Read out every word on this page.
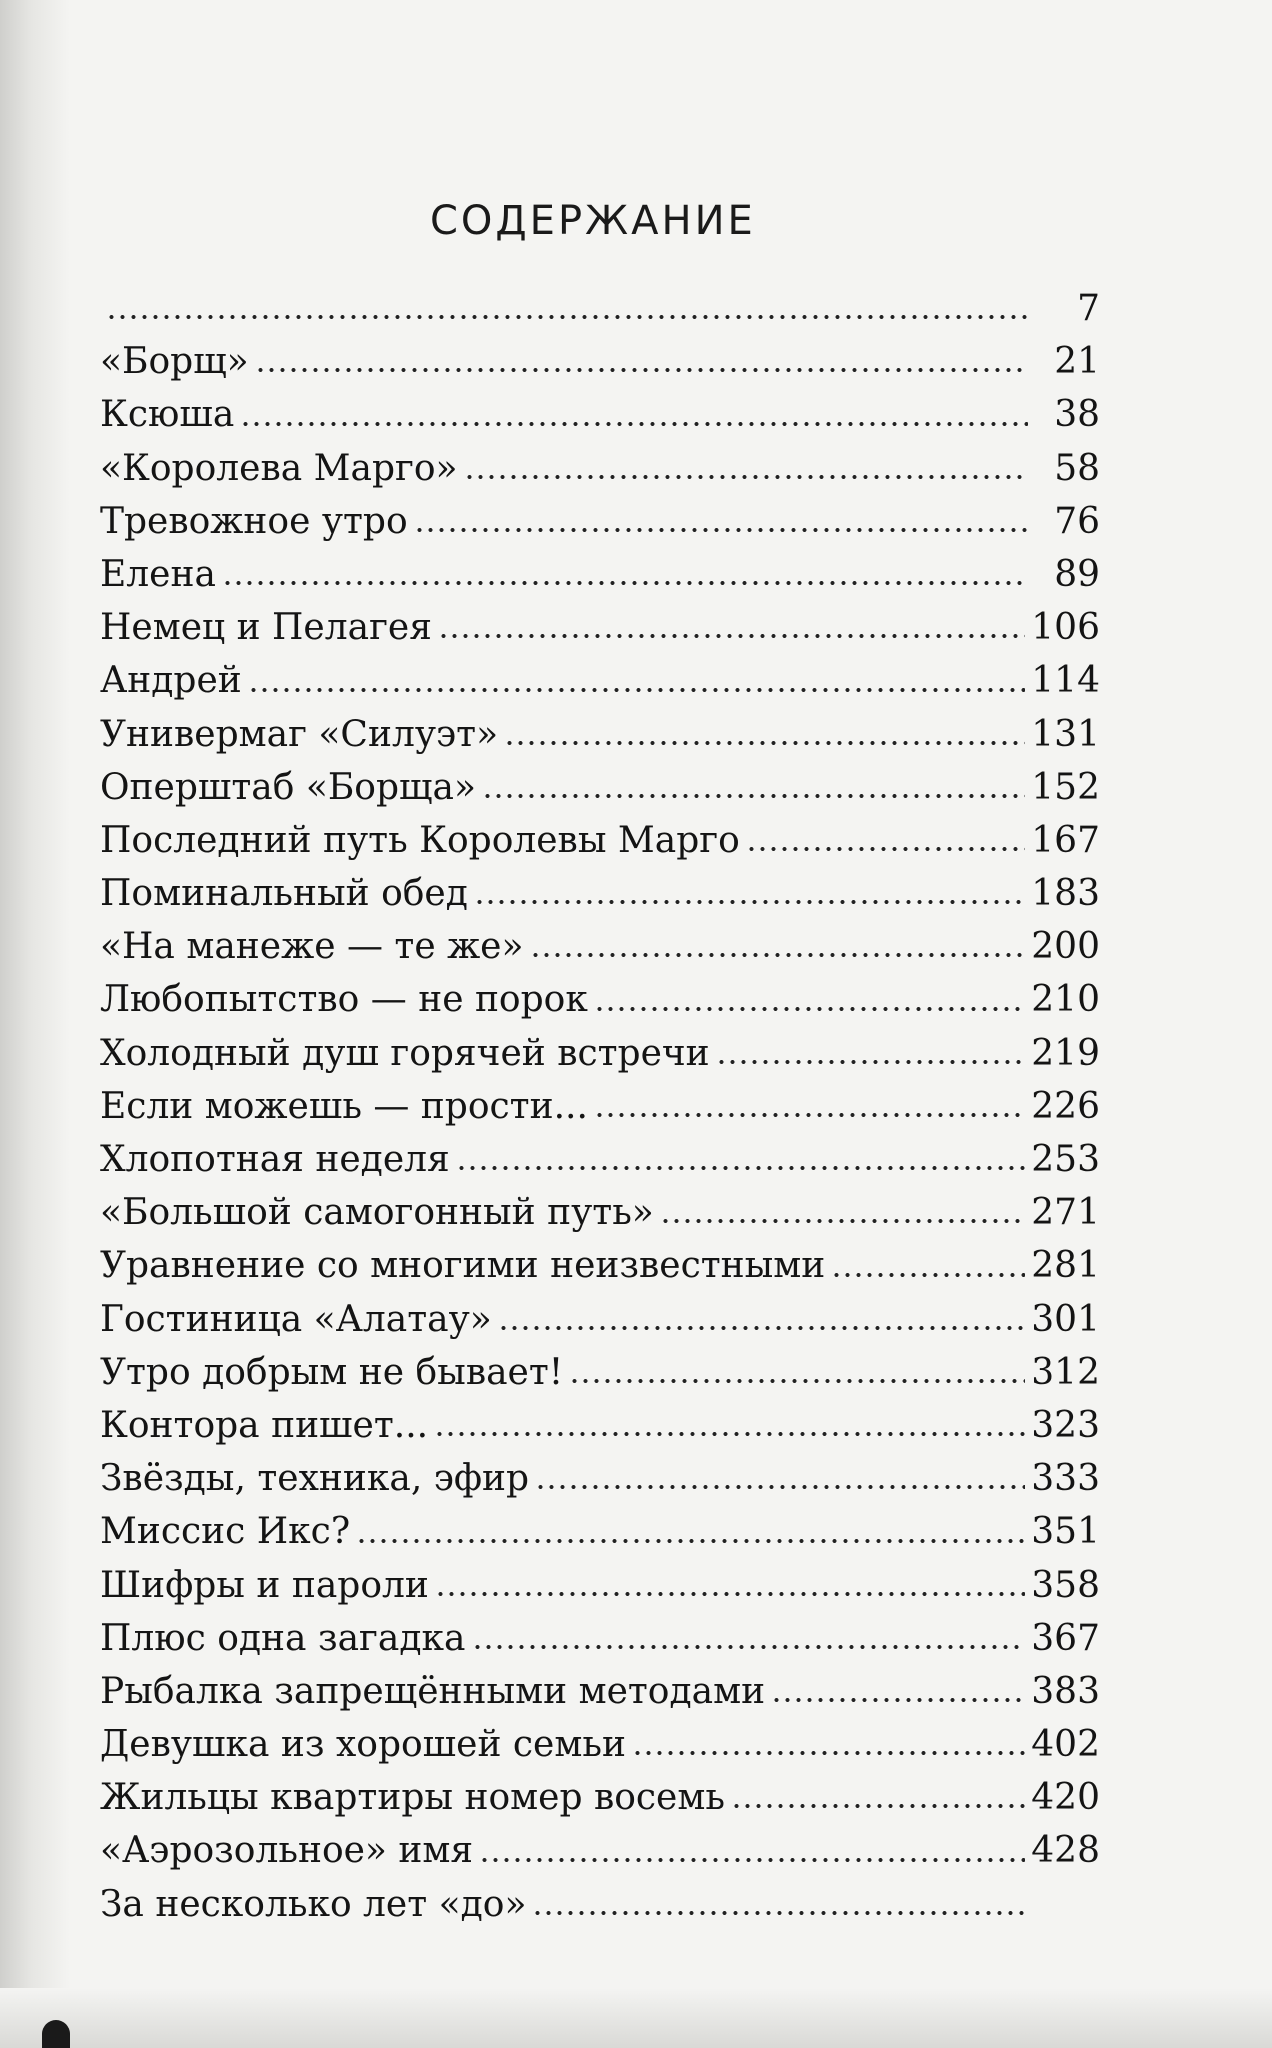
СОДЕРЖАНИЕ
7
«Борщ»	21
Ксюша	38
«Королева Марго»	58
Тревожное утро	76
Елена	89
Немец и Пелагея	106
Андрей	114
Универмаг «Силуэт»	131
Оперштаб «Борща»	152
Последний путь Королевы Марго	167
Поминальный обед	183
«На манеже — те же»	200
Любопытство — не порок	210
Холодный душ горячей встречи	219
Если можешь — прости...	226
Хлопотная неделя	253
«Большой самогонный путь»	271
Уравнение со многими неизвестными	281
Гостиница «Алатау»	301
Утро добрым не бывает!	312
Контора пишет...	323
Звёзды, техника, эфир	333
Миссис Икс?	351
Шифры и пароли	358
Плюс одна загадка	367
Рыбалка запрещёнными методами	383
Девушка из хорошей семьи	402
Жильцы квартиры номер восемь	420
«Аэрозольное» имя	428
За несколько лет «до»
